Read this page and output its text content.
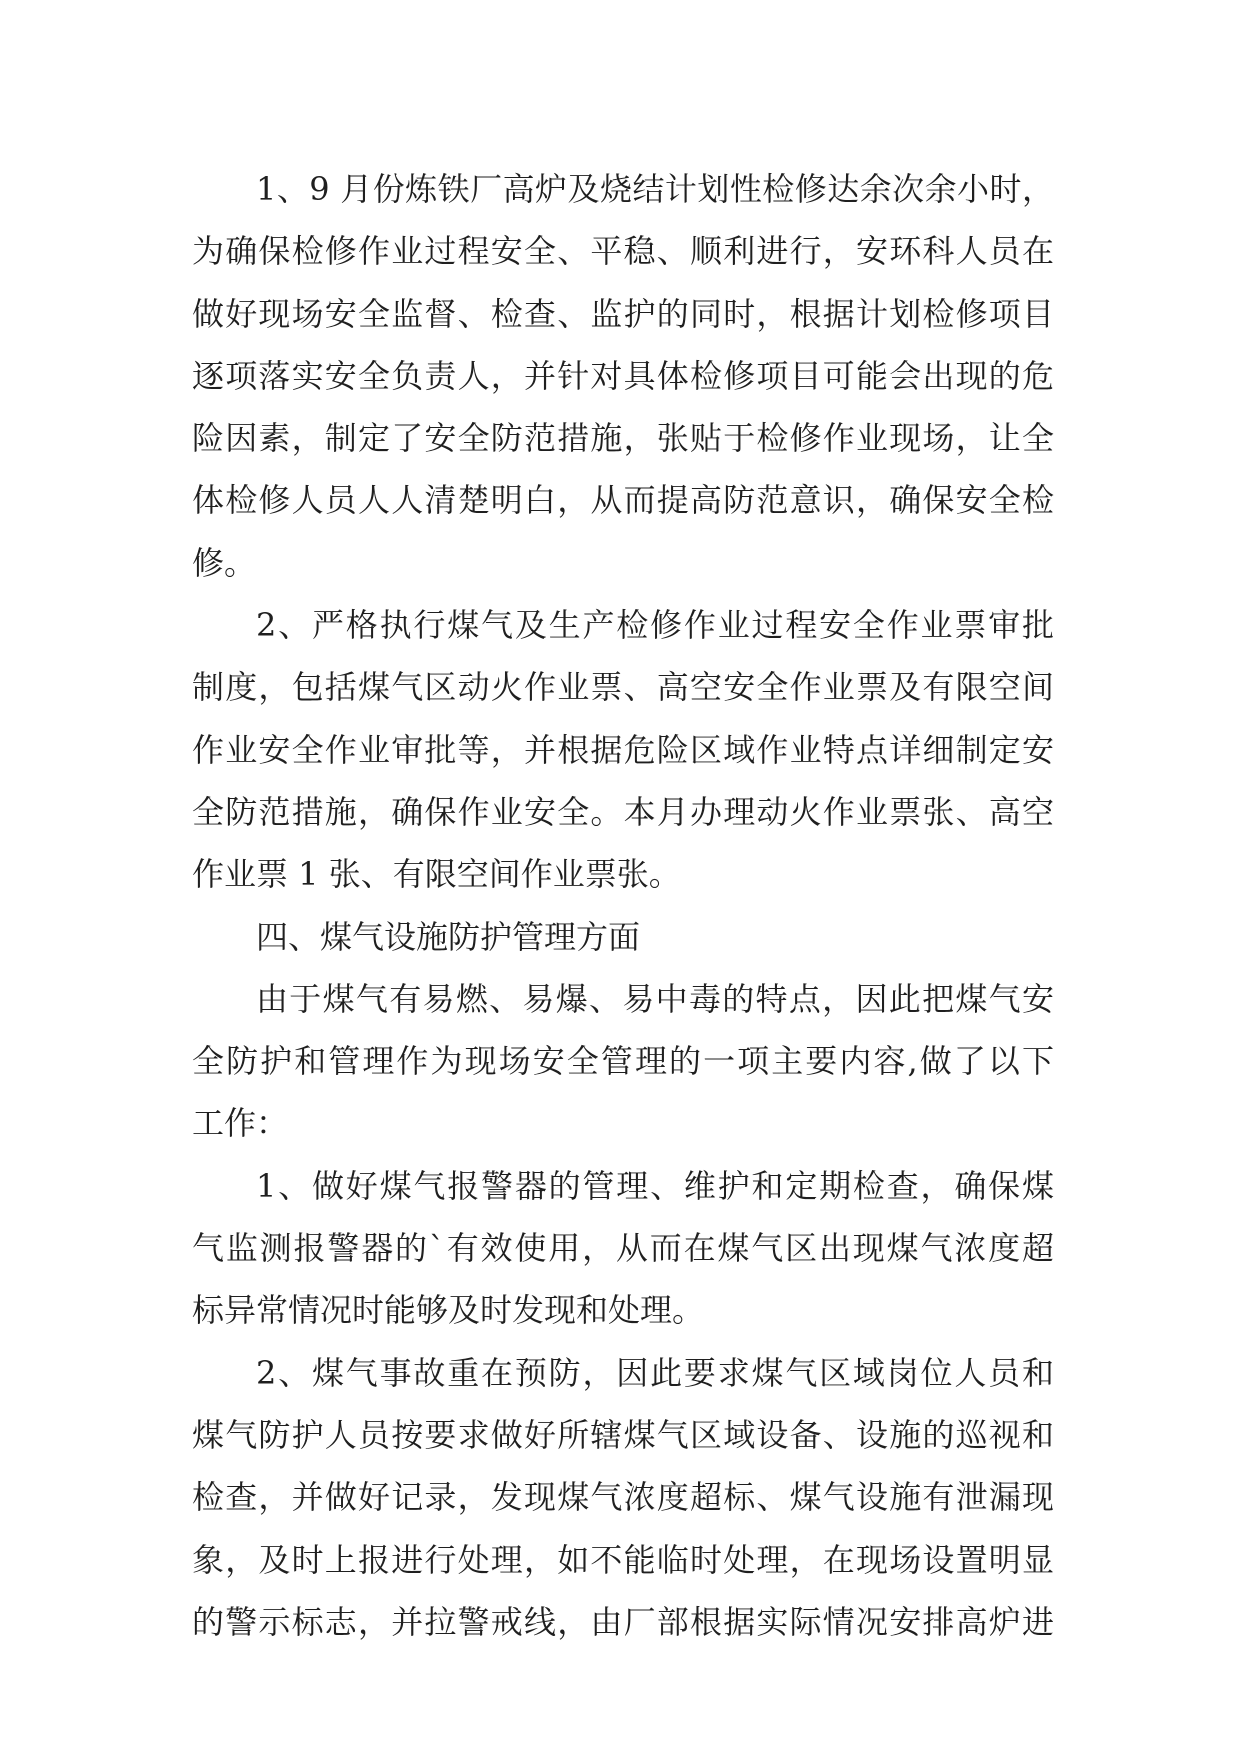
1、9 月份炼铁厂高炉及烧结计划性检修达余次余小时，
为确保检修作业过程安全、平稳、顺利进行，安环科人员在
做好现场安全监督、检查、监护的同时，根据计划检修项目
逐项落实安全负责人，并针对具体检修项目可能会出现的危
险因素，制定了安全防范措施，张贴于检修作业现场，让全
体检修人员人人清楚明白，从而提高防范意识，确保安全检
修。
2、严格执行煤气及生产检修作业过程安全作业票审批
制度，包括煤气区动火作业票、高空安全作业票及有限空间
作业安全作业审批等，并根据危险区域作业特点详细制定安
全防范措施，确保作业安全。本月办理动火作业票张、高空
作业票 1 张、有限空间作业票张。
四、煤气设施防护管理方面
由于煤气有易燃、易爆、易中毒的特点，因此把煤气安
全防护和管理作为现场安全管理的一项主要内容,做了以下
工作：
1、做好煤气报警器的管理、维护和定期检查，确保煤
气监测报警器的`有效使用，从而在煤气区出现煤气浓度超
标异常情况时能够及时发现和处理。
2、煤气事故重在预防，因此要求煤气区域岗位人员和
煤气防护人员按要求做好所辖煤气区域设备、设施的巡视和
检查，并做好记录，发现煤气浓度超标、煤气设施有泄漏现
象，及时上报进行处理，如不能临时处理，在现场设置明显
的警示标志，并拉警戒线，由厂部根据实际情况安排高炉进
